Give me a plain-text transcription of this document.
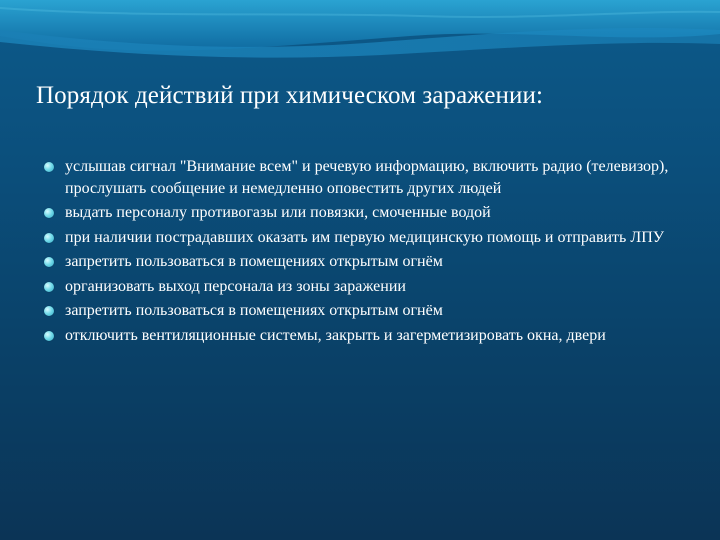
Порядок действий при химическом заражении:
услышав сигнал "Внимание всем" и речевую информацию, включить радио (телевизор), прослушать сообщение и немедленно оповестить других людей
выдать персоналу противогазы или повязки, смоченные водой
при наличии пострадавших оказать им первую медицинскую помощь и отправить ЛПУ
запретить пользоваться в помещениях открытым огнём
организовать выход персонала из зоны заражении
запретить пользоваться в помещениях открытым огнём
отключить вентиляционные системы, закрыть и загерметизировать окна, двери
